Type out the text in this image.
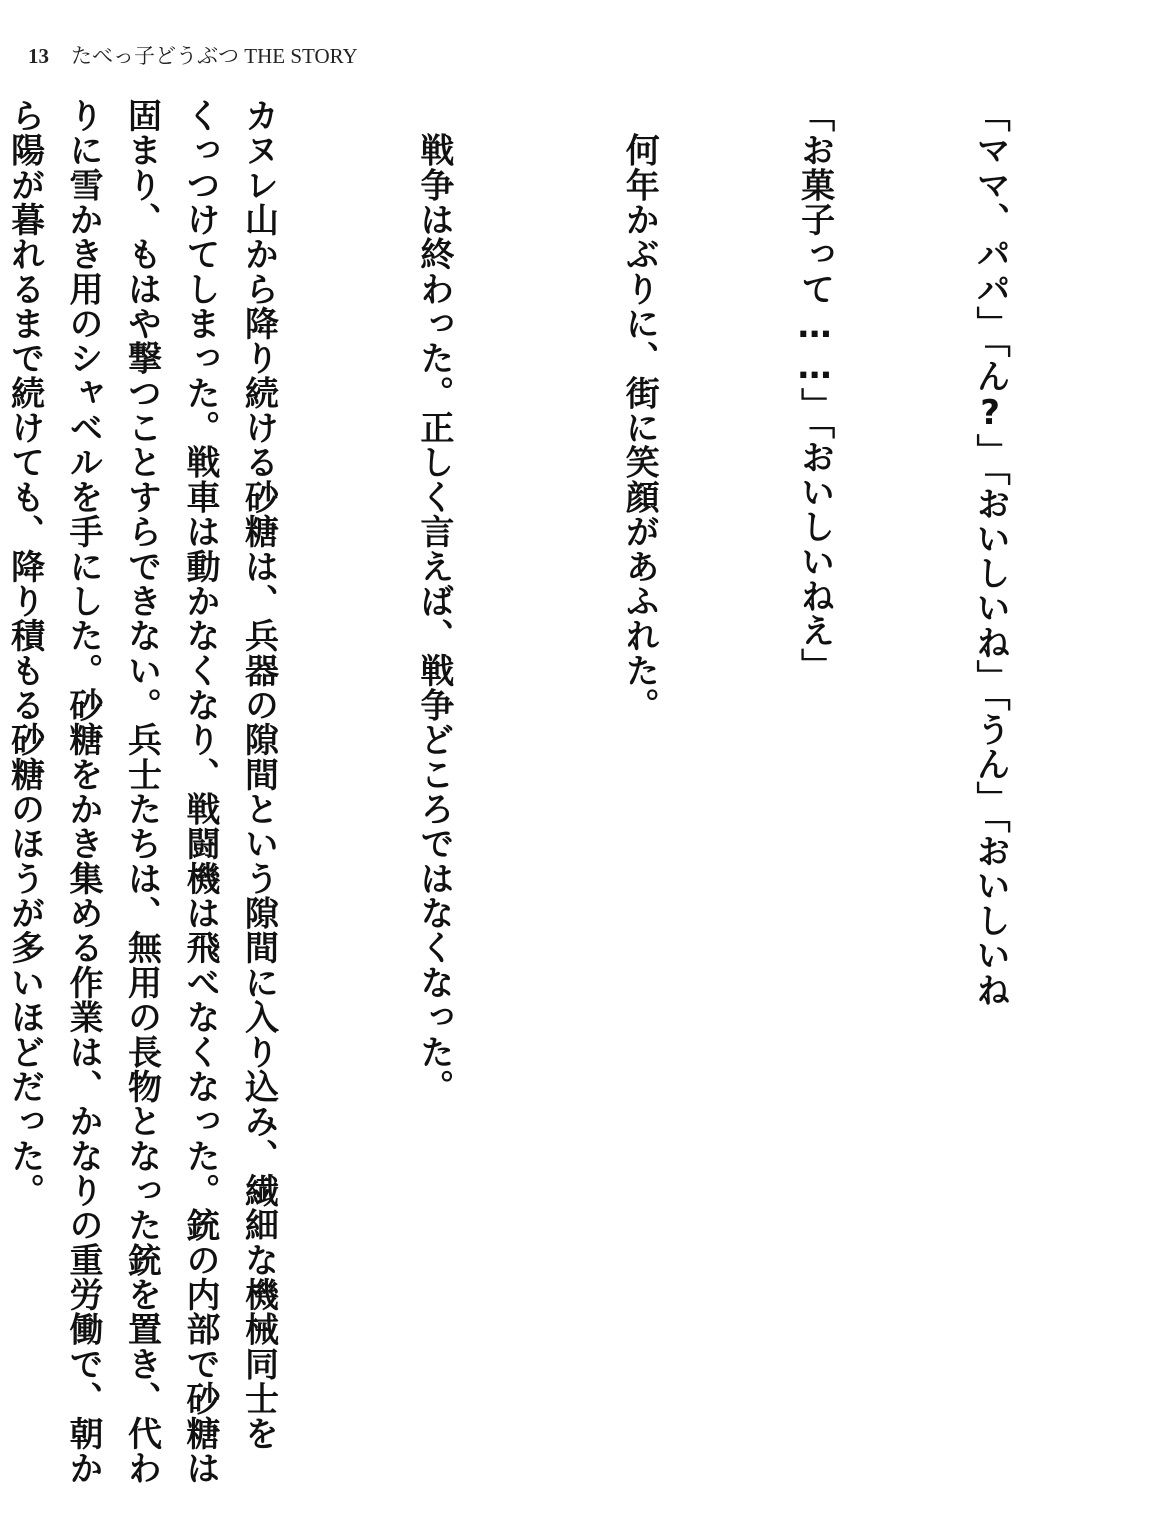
13 たべっ子どうぶつ THE STORY

「ママ、パパ」「ん?」「おいしいね」「うん」「おいしいね

「お菓子って……」「おいしいねえ」

　何年かぶりに、街に笑顔があふれた。

　戦争は終わった。正しく言えば、戦争どころではなくなった。

カヌレ山から降り続ける砂糖は、兵器の隙間という隙間に入り込み、繊細な機械同士を
くっつけてしまった。戦車は動かなくなり、戦闘機は飛べなくなった。銃の内部で砂糖は
固まり、もはや撃つことすらできない。兵士たちは、無用の長物となった銃を置き、代わ
りに雪かき用のシャベルを手にした。砂糖をかき集める作業は、かなりの重労働で、朝か
ら陽が暮れるまで続けても、降り積もる砂糖のほうが多いほどだった。
